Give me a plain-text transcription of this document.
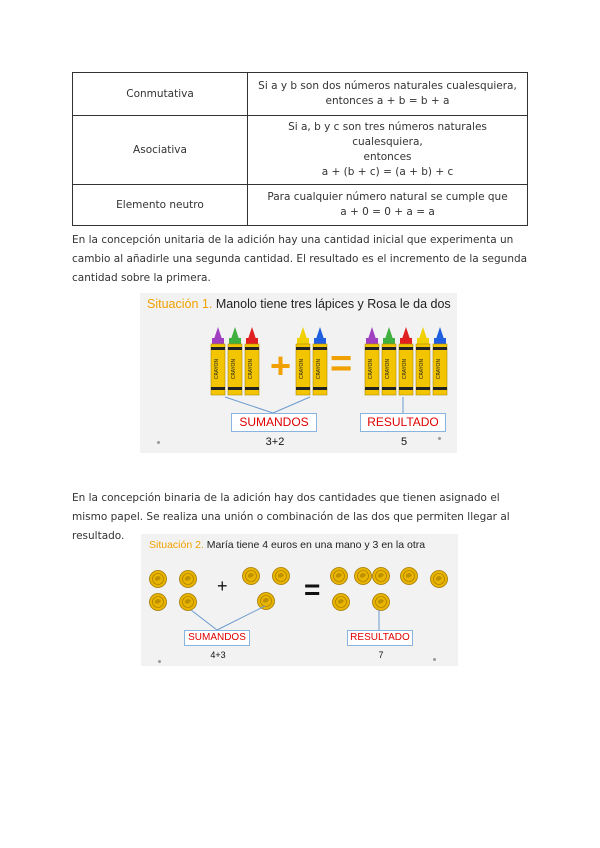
Conmutativa	Si a y b son dos números naturales cualesquiera,
entonces a + b = b + a

Asociativa	Si a, b y c son tres números naturales cualesquiera,
entonces
a + (b + c) = (a + b) + c

Elemento neutro	Para cualquier número natural se cumple que
a + 0 = 0 + a = a
En la concepción unitaria de la adición hay una cantidad inicial que experimenta un cambio al añadirle una segunda cantidad. El resultado es el incremento de la segunda cantidad sobre la primera.
Situación 1. Manolo tiene tres lápices y Rosa le da dos
CRAYON CRAYON CRAYON + CRAYON CRAYON =	CRAYON CRAYON CRAYON CRAYON CRAYON
SUMANDOS	RESULTADO
3+2	5
En la concepción binaria de la adición hay dos cantidades que tienen asignado el mismo papel. Se realiza una unión o combinación de las dos que permiten llegar al resultado.
Situación 2. María tiene 4 euros en una mano y 3 en la otra
+	=
SUMANDOS	RESULTADO
4+3	7
